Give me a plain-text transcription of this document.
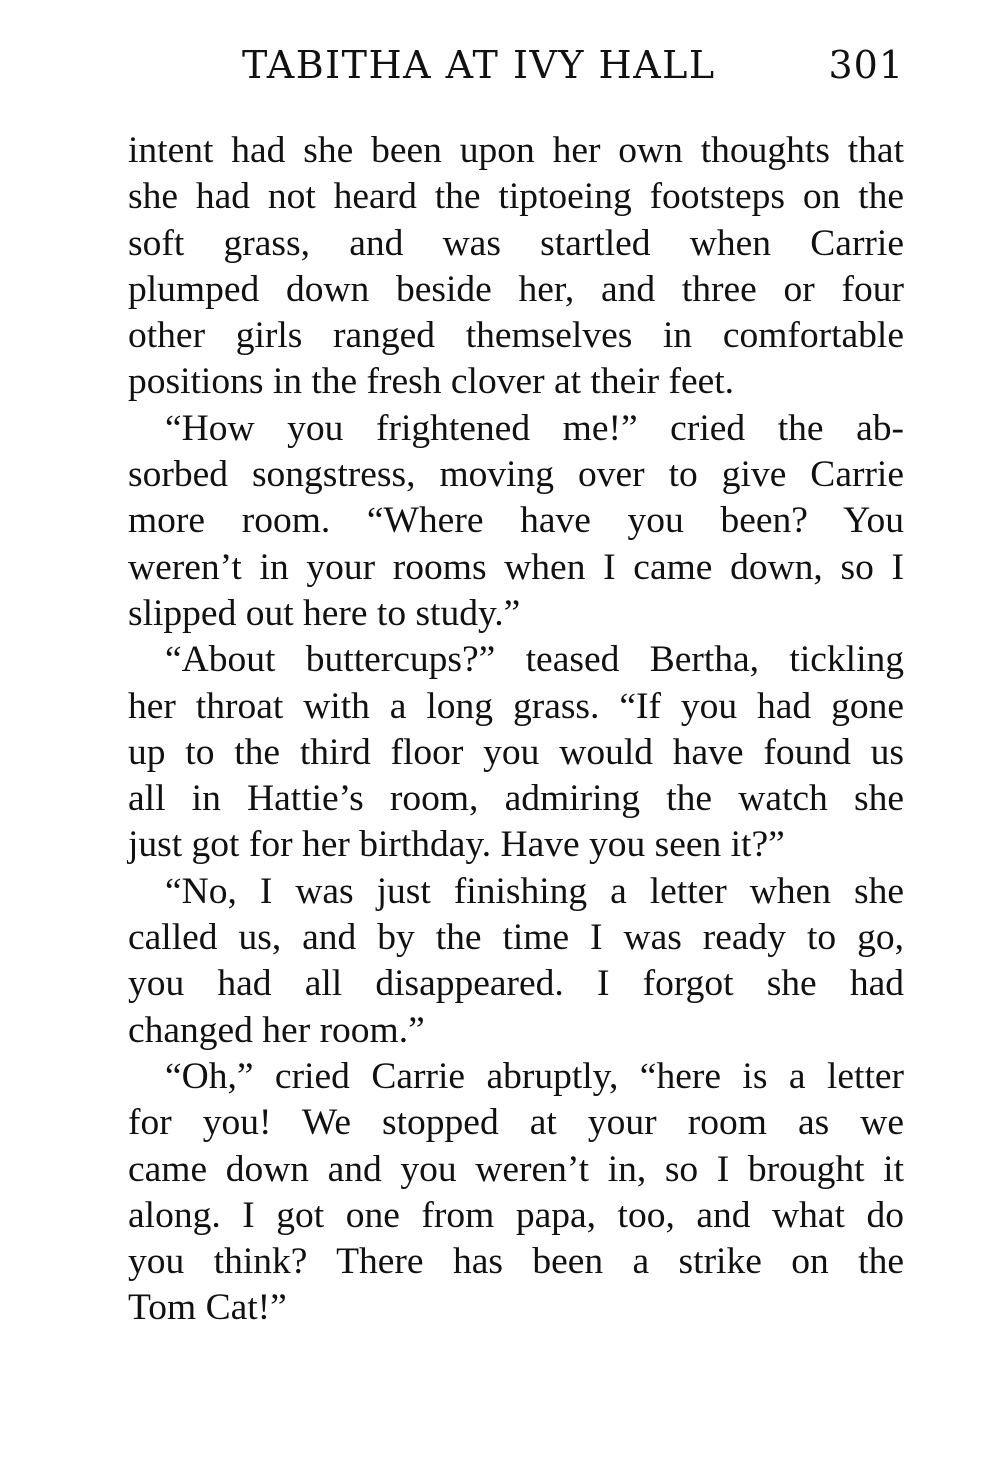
TABITHA AT IVY HALL	301
intent had she been upon her own thoughts that
she had not heard the tiptoeing footsteps on the
soft grass, and was startled when Carrie
plumped down beside her, and three or four
other girls ranged themselves in comfortable
positions in the fresh clover at their feet.
“How you frightened me!” cried the ab-
sorbed songstress, moving over to give Carrie
more room. “Where have you been? You
weren’t in your rooms when I came down, so I
slipped out here to study.”
“About buttercups?” teased Bertha, tickling
her throat with a long grass. “If you had gone
up to the third floor you would have found us
all in Hattie’s room, admiring the watch she
just got for her birthday. Have you seen it?”
“No, I was just finishing a letter when she
called us, and by the time I was ready to go,
you had all disappeared. I forgot she had
changed her room.”
“Oh,” cried Carrie abruptly, “here is a letter
for you! We stopped at your room as we
came down and you weren’t in, so I brought it
along. I got one from papa, too, and what do
you think? There has been a strike on the
Tom Cat!”
